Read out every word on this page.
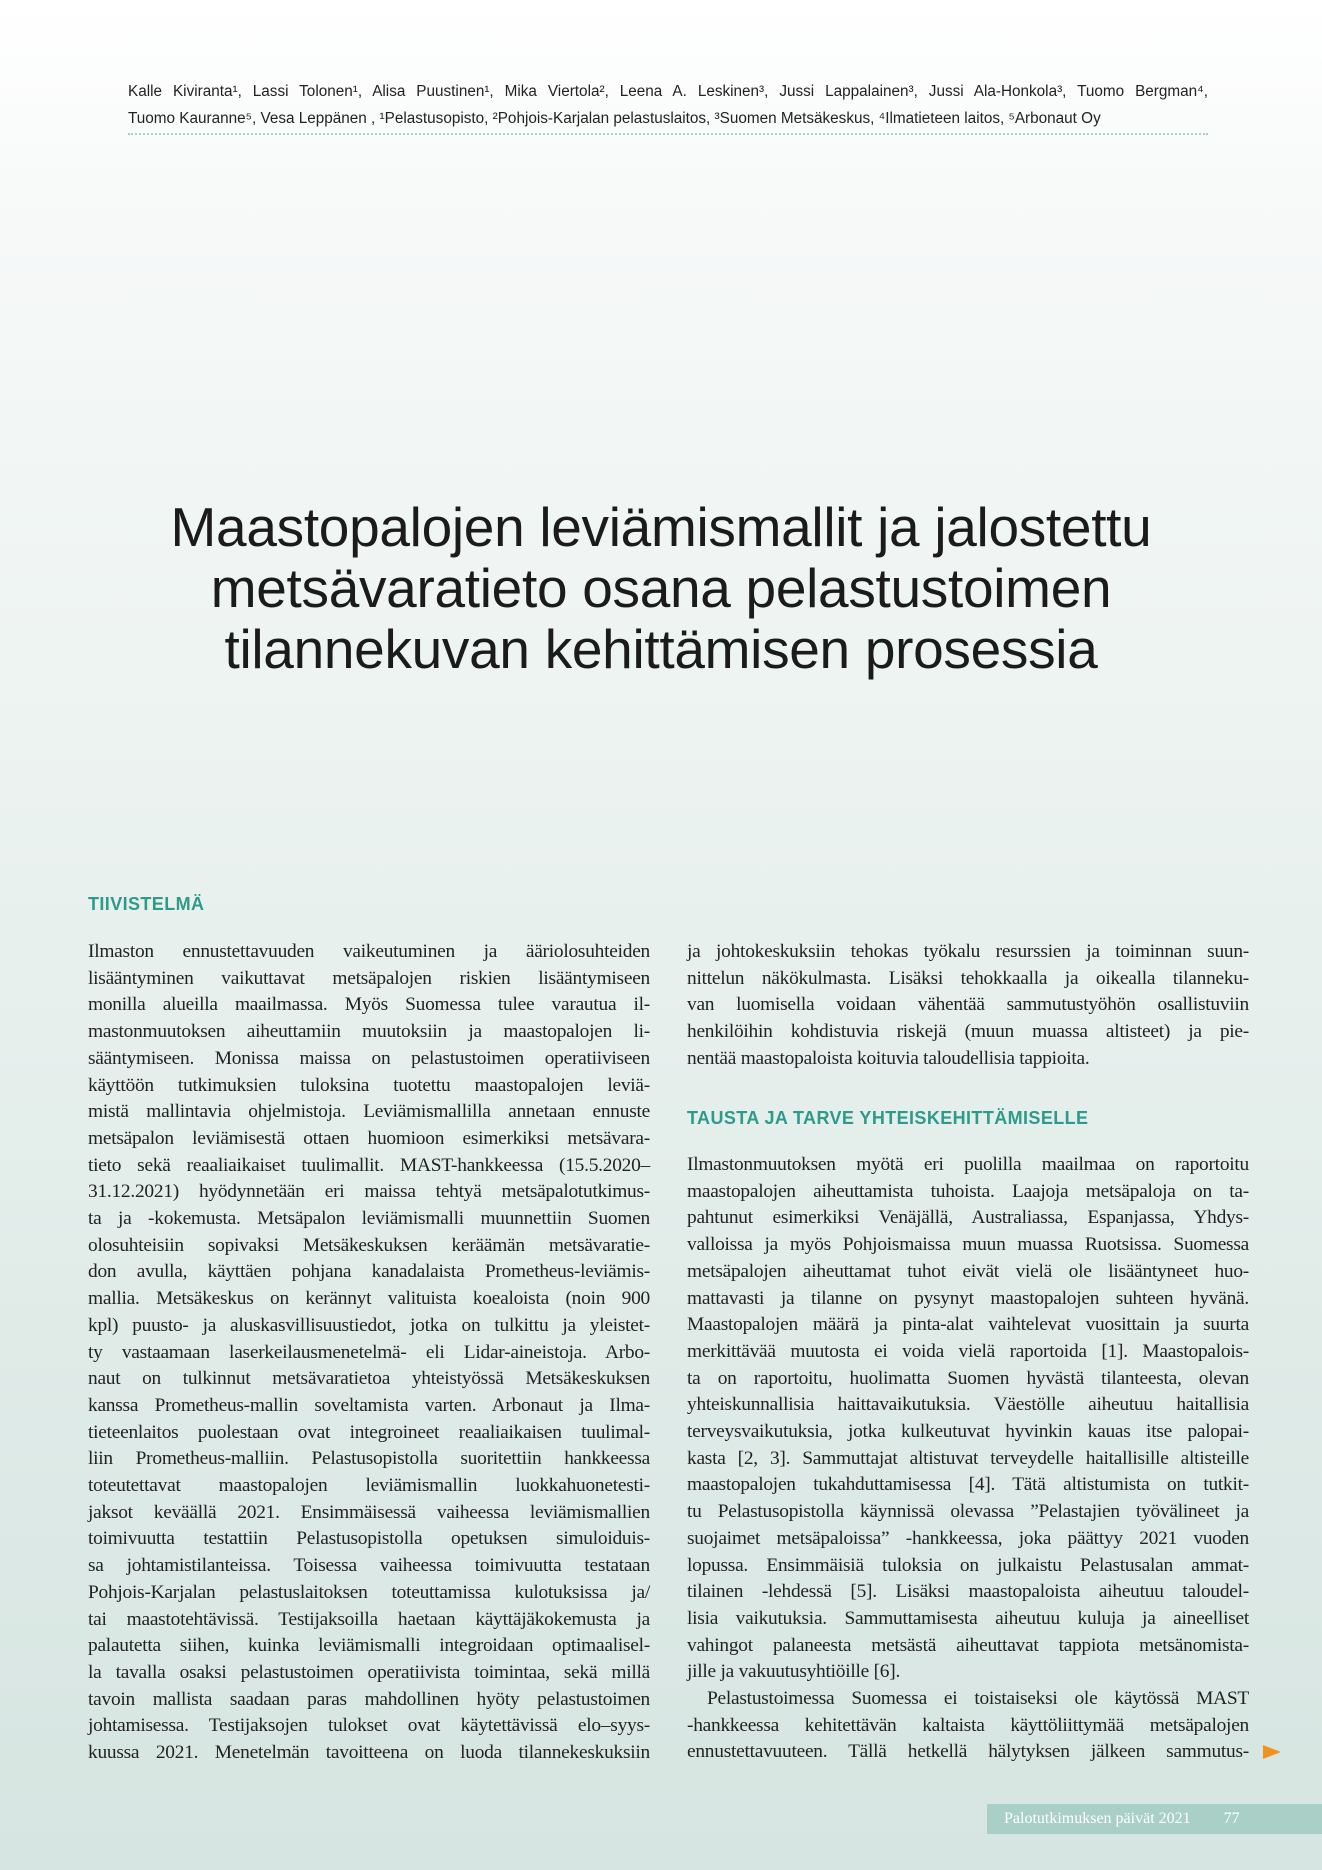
Kalle Kiviranta¹, Lassi Tolonen¹, Alisa Puustinen¹, Mika Viertola², Leena A. Leskinen³, Jussi Lappalainen³, Jussi Ala-Honkola³, Tuomo Bergman⁴,
Tuomo Kauranne⁵, Vesa Leppänen , ¹Pelastusopisto, ²Pohjois-Karjalan pelastuslaitos, ³Suomen Metsäkeskus, ⁴Ilmatieteen laitos, ⁵Arbonaut Oy
Maastopalojen leviämismallit ja jalostettu
metsävaratieto osana pelastustoimen
tilannekuvan kehittämisen prosessia
TIIVISTELMÄ
Ilmaston ennustettavuuden vaikeutuminen ja ääriolosuhteiden
lisääntyminen vaikuttavat metsäpalojen riskien lisääntymiseen
monilla alueilla maailmassa. Myös Suomessa tulee varautua il-
mastonmuutoksen aiheuttamiin muutoksiin ja maastopalojen li-
sääntymiseen. Monissa maissa on pelastustoimen operatiiviseen
käyttöön tutkimuksien tuloksina tuotettu maastopalojen leviä-
mistä mallintavia ohjelmistoja. Leviämismallilla annetaan ennuste
metsäpalon leviämisestä ottaen huomioon esimerkiksi metsävara-
tieto sekä reaaliaikaiset tuulimallit. MAST-hankkeessa (15.5.2020–
31.12.2021) hyödynnetään eri maissa tehtyä metsäpalotutkimus-
ta ja -kokemusta. Metsäpalon leviämismalli muunnettiin Suomen
olosuhteisiin sopivaksi Metsäkeskuksen keräämän metsävaratie-
don avulla, käyttäen pohjana kanadalaista Prometheus-leviämis-
mallia. Metsäkeskus on kerännyt valituista koealoista (noin 900
kpl) puusto- ja aluskasvillisuustiedot, jotka on tulkittu ja yleistet-
ty vastaamaan laserkeilausmenetelmä- eli Lidar-aineistoja. Arbo-
naut on tulkinnut metsävaratietoa yhteistyössä Metsäkeskuksen
kanssa Prometheus-mallin soveltamista varten. Arbonaut ja Ilma-
tieteenlaitos puolestaan ovat integroineet reaaliaikaisen tuulimal-
liin Prometheus-malliin. Pelastusopistolla suoritettiin hankkeessa
toteutettavat maastopalojen leviämismallin luokkahuonetesti-
jaksot keväällä 2021. Ensimmäisessä vaiheessa leviämismallien
toimivuutta testattiin Pelastusopistolla opetuksen simuloiduis-
sa johtamistilanteissa. Toisessa vaiheessa toimivuutta testataan
Pohjois-Karjalan pelastuslaitoksen toteuttamissa kulotuksissa ja/
tai maastotehtävissä. Testijaksoilla haetaan käyttäjäkokemusta ja
palautetta siihen, kuinka leviämismalli integroidaan optimaalisel-
la tavalla osaksi pelastustoimen operatiivista toimintaa, sekä millä
tavoin mallista saadaan paras mahdollinen hyöty pelastustoimen
johtamisessa. Testijaksojen tulokset ovat käytettävissä elo–syys-
kuussa 2021. Menetelmän tavoitteena on luoda tilannekeskuksiin
ja johtokeskuksiin tehokas työkalu resurssien ja toiminnan suun-
nittelun näkökulmasta. Lisäksi tehokkaalla ja oikealla tilanneku-
van luomisella voidaan vähentää sammutustyöhön osallistuviin
henkilöihin kohdistuvia riskejä (muun muassa altisteet) ja pie-
nentää maastopaloista koituvia taloudellisia tappioita.
TAUSTA JA TARVE YHTEISKEHITTÄMISELLE
Ilmastonmuutoksen myötä eri puolilla maailmaa on raportoitu
maastopalojen aiheuttamista tuhoista. Laajoja metsäpaloja on ta-
pahtunut esimerkiksi Venäjällä, Australiassa, Espanjassa, Yhdys-
valloissa ja myös Pohjoismaissa muun muassa Ruotsissa. Suomessa
metsäpalojen aiheuttamat tuhot eivät vielä ole lisääntyneet huo-
mattavasti ja tilanne on pysynyt maastopalojen suhteen hyvänä.
Maastopalojen määrä ja pinta-alat vaihtelevat vuosittain ja suurta
merkittävää muutosta ei voida vielä raportoida [1]. Maastopalois-
ta on raportoitu, huolimatta Suomen hyvästä tilanteesta, olevan
yhteiskunnallisia haittavaikutuksia. Väestölle aiheutuu haitallisia
terveysvaikutuksia, jotka kulkeutuvat hyvinkin kauas itse palopai-
kasta [2, 3]. Sammuttajat altistuvat terveydelle haitallisille altisteille
maastopalojen tukahduttamisessa [4]. Tätä altistumista on tutkit-
tu Pelastusopistolla käynnissä olevassa ”Pelastajien työvälineet ja
suojaimet metsäpaloissa” -hankkeessa, joka päättyy 2021 vuoden
lopussa. Ensimmäisiä tuloksia on julkaistu Pelastusalan ammat-
tilainen -lehdessä [5]. Lisäksi maastopaloista aiheutuu taloudel-
lisia vaikutuksia. Sammuttamisesta aiheutuu kuluja ja aineelliset
vahingot palaneesta metsästä aiheuttavat tappiota metsänomista-
jille ja vakuutusyhtiöille [6].
Pelastustoimessa Suomessa ei toistaiseksi ole käytössä MAST
-hankkeessa kehitettävän kaltaista käyttöliittymää metsäpalojen
ennustettavuuteen. Tällä hetkellä hälytyksen jälkeen sammutus-
Palotutkimuksen päivät 2021 77
